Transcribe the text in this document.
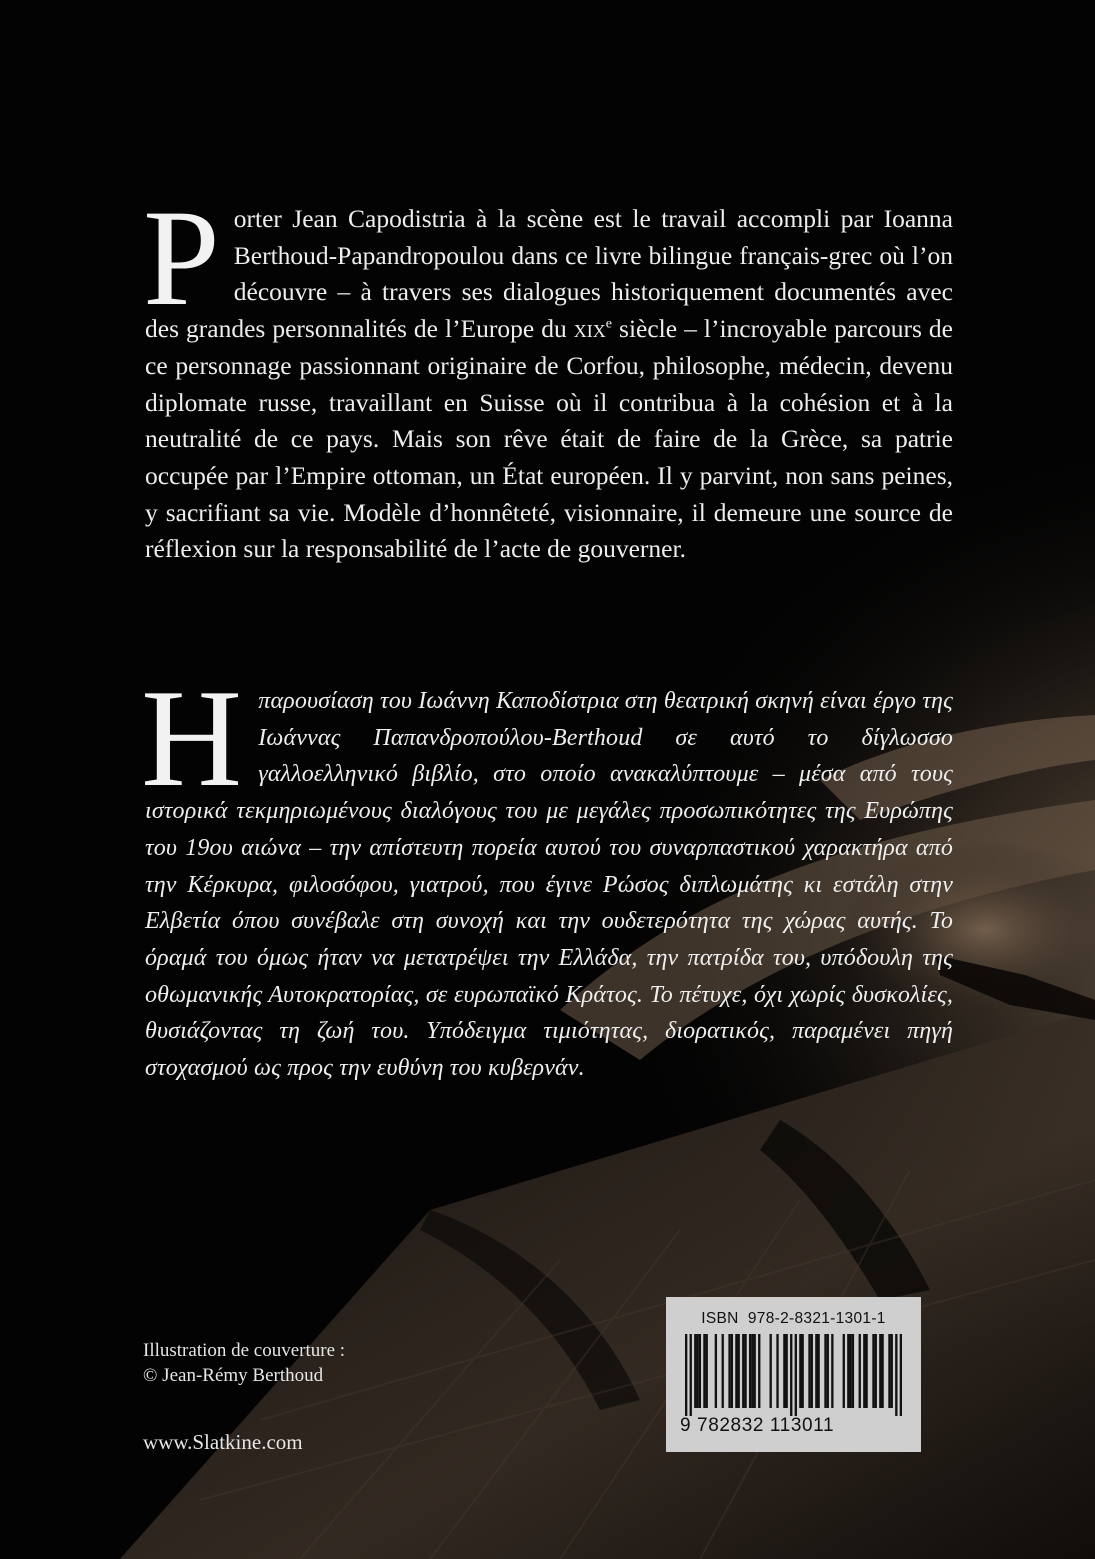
Porter Jean Capodistria à la scène est le travail accompli par Ioanna Berthoud-Papandropoulou dans ce livre bilingue français-grec où l’on découvre – à travers ses dialogues historiquement documentés avec des grandes personnalités de l’Europe du xix$^e$ siècle – l’incroyable parcours de ce personnage passionnant originaire de Corfou, philosophe, médecin, devenu diplomate russe, travaillant en Suisse où il contribua à la cohésion et à la neutralité de ce pays. Mais son rêve était de faire de la Grèce, sa patrie occupée par l’Empire ottoman, un État européen. Il y parvint, non sans peines, y sacrifiant sa vie. Modèle d’honnêteté, visionnaire, il demeure une source de réflexion sur la responsabilité de l’acte de gouverner.
Η παρουσίαση του Ιωάννη Καποδίστρια στη θεατρική σκηνή είναι έργο της Ιωάννας Παπανδροπούλου-Berthoud σε αυτό το δίγλωσσο γαλλοελληνικό βιβλίο, στο οποίο ανακαλύπτουμε – μέσα από τους ιστορικά τεκμηριωμένους διαλόγους του με μεγάλες προσωπικότητες της Ευρώπης του 19ου αιώνα – την απίστευτη πορεία αυτού του συναρπαστικού χαρακτήρα από την Κέρκυρα, φιλοσόφου, γιατρού, που έγινε Ρώσος διπλωμάτης κι εστάλη στην Ελβετία όπου συνέβαλε στη συνοχή και την ουδετερότητα της χώρας αυτής. Το όραμά του όμως ήταν να μετατρέψει την Ελλάδα, την πατρίδα του, υπόδουλη της οθωμανικής Αυτοκρατορίας, σε ευρωπαϊκό Κράτος. Το πέτυχε, όχι χωρίς δυσκολίες, θυσιάζοντας τη ζωή του. Υπόδειγμα τιμιότητας, διορατικός, παραμένει πηγή στοχασμού ως προς την ευθύνη του κυβερνάν.
Illustration de couverture :
© Jean-Rémy Berthoud
www.Slatkine.com
ISBN 978-2-8321-1301-1
9 782832 113011
